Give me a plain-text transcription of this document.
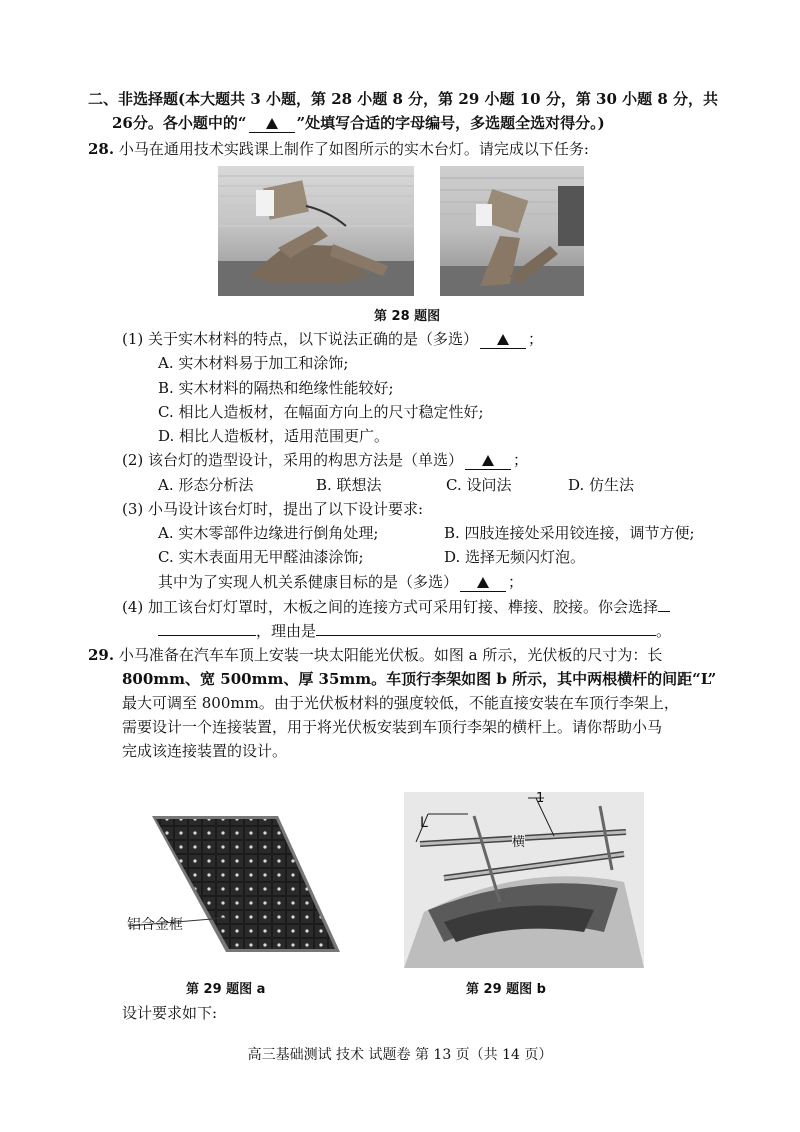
二、非选择题(本大题共 3 小题，第 28 小题 8 分，第 29 小题 10 分，第 30 小题 8 分，共
26分。各小题中的“	”处填写合适的字母编号，多选题全选对得分。)
28. 小马在通用技术实践课上制作了如图所示的实木台灯。请完成以下任务:
第 28 题图
(1) 关于实木材料的特点，以下说法正确的是（多选）	；
A. 实木材料易于加工和涂饰;
B. 实木材料的隔热和绝缘性能较好;
C. 相比人造板材，在幅面方向上的尺寸稳定性好;
D. 相比人造板材，适用范围更广。
(2) 该台灯的造型设计，采用的构思方法是（单选）	；
A. 形态分析法	B. 联想法	C. 设问法	D. 仿生法
(3) 小马设计该台灯时，提出了以下设计要求:
A. 实木零部件边缘进行倒角处理;	B. 四肢连接处采用铰连接，调节方便;
C. 实木表面用无甲醛油漆涂饰;	D. 选择无频闪灯泡。
其中为了实现人机关系健康目标的是（多选）	；
(4) 加工该台灯灯罩时，木板之间的连接方式可采用钉接、榫接、胶接。你会选择
，理由是	。
29. 小马准备在汽车车顶上安装一块太阳能光伏板。如图 a 所示，光伏板的尺寸为：长
800mm、宽 500mm、厚 35mm。车顶行李架如图 b 所示，其中两根横杆的间距“L”
最大可调至 800mm。由于光伏板材料的强度较低，不能直接安装在车顶行李架上，
需要设计一个连接装置，用于将光伏板安装到车顶行李架的横杆上。请你帮助小马
完成该连接装置的设计。
铝合金框
第 29 题图 a
L
1
横
第 29 题图 b
设计要求如下:
高三基础测试 技术 试题卷 第 13 页（共 14 页）
